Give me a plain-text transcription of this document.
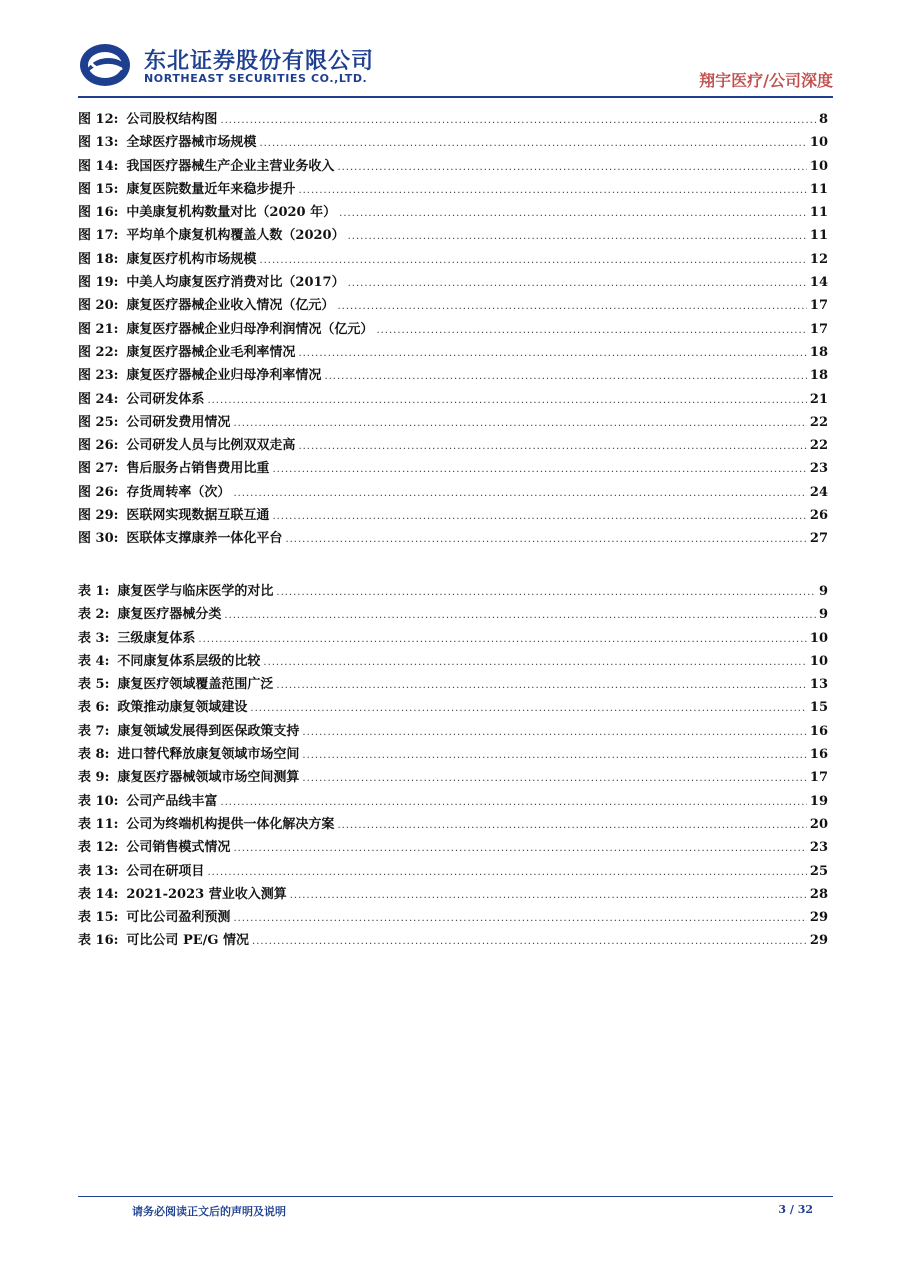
东北证券股份有限公司
NORTHEAST SECURITIES CO.,LTD.	翔宇医疗/公司深度
图 12: 公司股权结构图 .....	8
图 13: 全球医疗器械市场规模 .....	10
图 14: 我国医疗器械生产企业主营业务收入 .....	10
图 15: 康复医院数量近年来稳步提升 .....	11
图 16: 中美康复机构数量对比（2020 年） .....	11
图 17: 平均单个康复机构覆盖人数（2020） .....	11
图 18: 康复医疗机构市场规模 .....	12
图 19: 中美人均康复医疗消费对比（2017） .....	14
图 20: 康复医疗器械企业收入情况（亿元） .....	17
图 21: 康复医疗器械企业归母净利润情况（亿元） .....	17
图 22: 康复医疗器械企业毛利率情况 .....	18
图 23: 康复医疗器械企业归母净利率情况 .....	18
图 24: 公司研发体系 .....	21
图 25: 公司研发费用情况 .....	22
图 26: 公司研发人员与比例双双走高 .....	22
图 27: 售后服务占销售费用比重 .....	23
图 26: 存货周转率（次） .....	24
图 29: 医联网实现数据互联互通 .....	26
图 30: 医联体支撑康养一体化平台 .....	27
表 1: 康复医学与临床医学的对比 .....	9
表 2: 康复医疗器械分类 .....	9
表 3: 三级康复体系 .....	10
表 4: 不同康复体系层级的比较 .....	10
表 5: 康复医疗领域覆盖范围广泛 .....	13
表 6: 政策推动康复领域建设 .....	15
表 7: 康复领域发展得到医保政策支持 .....	16
表 8: 进口替代释放康复领域市场空间 .....	16
表 9: 康复医疗器械领域市场空间测算 .....	17
表 10: 公司产品线丰富 .....	19
表 11: 公司为终端机构提供一体化解决方案 .....	20
表 12: 公司销售模式情况 .....	23
表 13: 公司在研项目 .....	25
表 14: 2021-2023 营业收入测算 .....	28
表 15: 可比公司盈利预测 .....	29
表 16: 可比公司 PE/G 情况 .....	29
请务必阅读正文后的声明及说明	3 / 32
